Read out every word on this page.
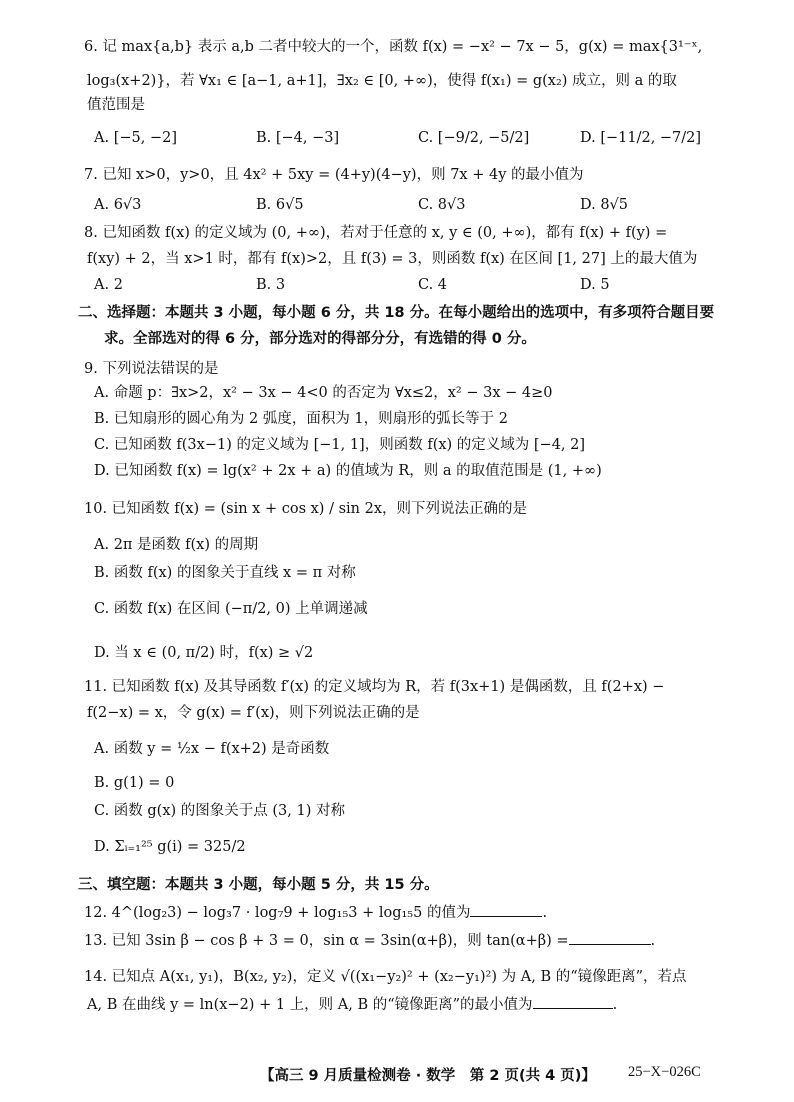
6. 记 max{a,b} 表示 a,b 二者中较大的一个，函数 f(x) = −x² − 7x − 5，g(x) = max{3¹⁻ˣ,
log₃(x+2)}，若 ∀x₁ ∈ [a−1, a+1]，∃x₂ ∈ [0, +∞)，使得 f(x₁) = g(x₂) 成立，则 a 的取
值范围是
A. [−5, −2]	B. [−4, −3]	C. [−9/2, −5/2]	D. [−11/2, −7/2]
7. 已知 x>0，y>0，且 4x² + 5xy = (4+y)(4−y)，则 7x + 4y 的最小值为
A. 6√3	B. 6√5	C. 8√3	D. 8√5
8. 已知函数 f(x) 的定义域为 (0, +∞)，若对于任意的 x, y ∈ (0, +∞)，都有 f(x) + f(y) =
f(xy) + 2，当 x>1 时，都有 f(x)>2，且 f(3) = 3，则函数 f(x) 在区间 [1, 27] 上的最大值为
A. 2	B. 3	C. 4	D. 5
二、选择题：本题共 3 小题，每小题 6 分，共 18 分。在每小题给出的选项中，有多项符合题目要
求。全部选对的得 6 分，部分选对的得部分分，有选错的得 0 分。
9. 下列说法错误的是
A. 命题 p：∃x>2，x² − 3x − 4<0 的否定为 ∀x≤2，x² − 3x − 4≥0
B. 已知扇形的圆心角为 2 弧度，面积为 1，则扇形的弧长等于 2
C. 已知函数 f(3x−1) 的定义域为 [−1, 1]，则函数 f(x) 的定义域为 [−4, 2]
D. 已知函数 f(x) = lg(x² + 2x + a) 的值域为 R，则 a 的取值范围是 (1, +∞)
10. 已知函数 f(x) = (sin x + cos x) / sin 2x，则下列说法正确的是
A. 2π 是函数 f(x) 的周期
B. 函数 f(x) 的图象关于直线 x = π 对称
C. 函数 f(x) 在区间 (−π/2, 0) 上单调递减
D. 当 x ∈ (0, π/2) 时，f(x) ≥ √2
11. 已知函数 f(x) 及其导函数 f′(x) 的定义域均为 R，若 f(3x+1) 是偶函数，且 f(2+x) −
f(2−x) = x，令 g(x) = f′(x)，则下列说法正确的是
A. 函数 y = ½x − f(x+2) 是奇函数
B. g(1) = 0
C. 函数 g(x) 的图象关于点 (3, 1) 对称
D. Σᵢ₌₁²⁵ g(i) = 325/2
三、填空题：本题共 3 小题，每小题 5 分，共 15 分。
12. 4^(log₂3) − log₃7 · log₇9 + log₁₅3 + log₁₅5 的值为	.
13. 已知 3sin β − cos β + 3 = 0，sin α = 3sin(α+β)，则 tan(α+β) =	.
14. 已知点 A(x₁, y₁)，B(x₂, y₂)，定义 √((x₁−y₂)² + (x₂−y₁)²) 为 A, B 的“镜像距离”，若点
A, B 在曲线 y = ln(x−2) + 1 上，则 A, B 的“镜像距离”的最小值为	.
【高三 9 月质量检测卷 · 数学　第 2 页(共 4 页)】 25−X−026C
